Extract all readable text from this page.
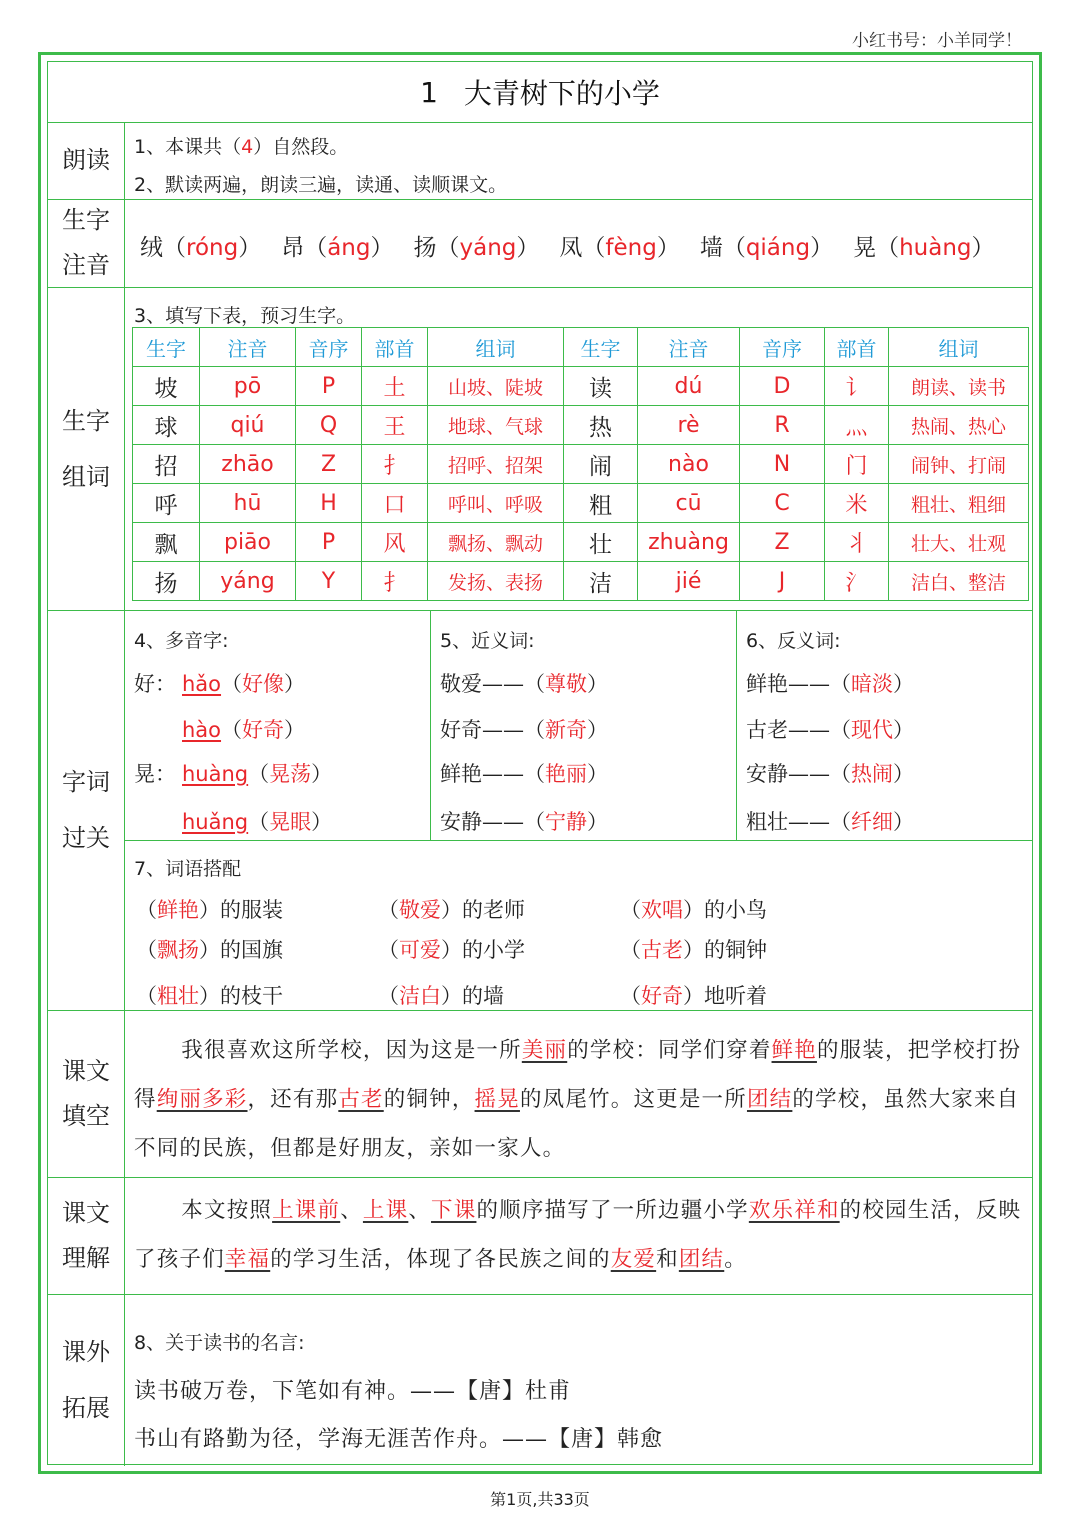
小红书号：小羊同学！
1 大青树下的小学
朗读 1、本课共（4）自然段。
2、默读两遍，朗读三遍，读通、读顺课文。
生字
注音
绒（róng） 昂（áng） 扬（yáng） 凤（fèng） 墙（qiáng） 晃（huàng）
生字
组词
3、填写下表，预习生字。
生字	注音	音序	部首	组词	生字	注音	音序	部首	组词
坡	pō	P	土	山坡、陡坡	读	dú	D	讠	朗读、读书
球	qiú	Q	王	地球、气球	热	rè	R	灬	热闹、热心
招	zhāo	Z	扌	招呼、招架	闹	nào	N	门	闹钟、打闹
呼	hū	H	口	呼叫、呼吸	粗	cū	C	米	粗壮、粗细
飘	piāo	P	风	飘扬、飘动	壮	zhuàng	Z	丬	壮大、壮观
扬	yáng	Y	扌	发扬、表扬	洁	jié	J	氵	洁白、整洁
字词
过关
4、多音字:
好： hǎo（好像）
hào（好奇）
晃： huàng（晃荡）
huǎng（晃眼）
5、近义词:
敬爱——（尊敬）
好奇——（新奇）
鲜艳——（艳丽）
安静——（宁静）
6、反义词:
鲜艳——（暗淡）
古老——（现代）
安静——（热闹）
粗壮——（纤细）
7、词语搭配
（鲜艳）的服装	（敬爱）的老师	（欢唱）的小鸟
（飘扬）的国旗	（可爱）的小学	（古老）的铜钟
（粗壮）的枝干	（洁白）的墙	（好奇）地听着
课文
填空
我很喜欢这所学校，因为这是一所美丽的学校：同学们穿着鲜艳的服装，把学校打扮得绚丽多彩，还有那古老的铜钟，摇晃的凤尾竹。这更是一所团结的学校，虽然大家来自不同的民族，但都是好朋友，亲如一家人。
课文
理解
本文按照上课前、上课、下课的顺序描写了一所边疆小学欢乐祥和的校园生活，反映了孩子们幸福的学习生活，体现了各民族之间的友爱和团结。
课外
拓展
8、关于读书的名言:
读书破万卷，下笔如有神。——【唐】杜甫
书山有路勤为径，学海无涯苦作舟。——【唐】韩愈
第1页,共33页
